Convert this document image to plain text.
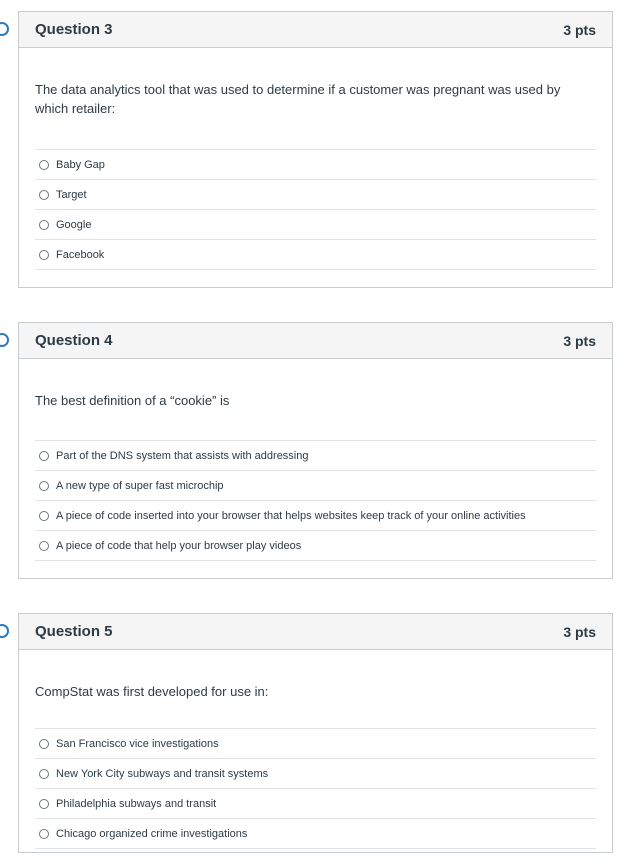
Question 3	3 pts
The data analytics tool that was used to determine if a customer was pregnant was used by which retailer:
Baby Gap
Target
Google
Facebook
Question 4	3 pts
The best definition of a “cookie” is
Part of the DNS system that assists with addressing
A new type of super fast microchip
A piece of code inserted into your browser that helps websites keep track of your online activities
A piece of code that help your browser play videos
Question 5	3 pts
CompStat was first developed for use in:
San Francisco vice investigations
New York City subways and transit systems
Philadelphia subways and transit
Chicago organized crime investigations
